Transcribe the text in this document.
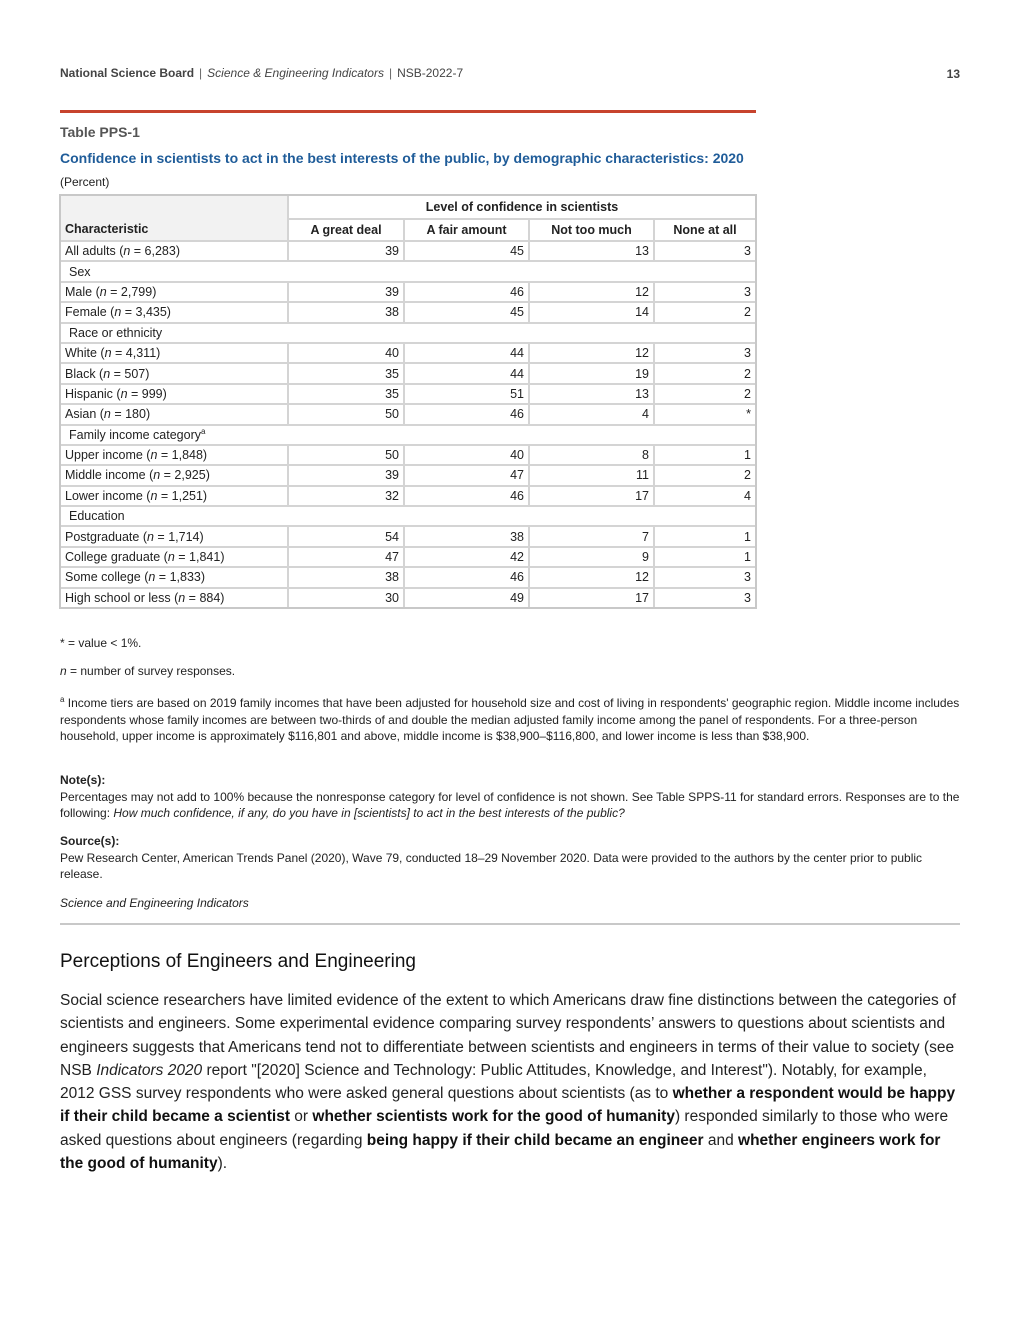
National Science Board | Science & Engineering Indicators | NSB-2022-7	13
Table PPS-1
Confidence in scientists to act in the best interests of the public, by demographic characteristics: 2020
(Percent)
Characteristic	Level of confidence in scientists			
	A great deal	A fair amount	Not too much	None at all
All adults (n = 6,283)	39	45	13	3
Sex				
Male (n = 2,799)	39	46	12	3
Female (n = 3,435)	38	45	14	2
Race or ethnicity				
White (n = 4,311)	40	44	12	3
Black (n = 507)	35	44	19	2
Hispanic (n = 999)	35	51	13	2
Asian (n = 180)	50	46	4	*
Family income category$^a$
Upper income (n = 1,848)	50	40	8	1
Middle income (n = 2,925)	39	47	11	2
Lower income (n = 1,251)	32	46	17	4
Education				
Postgraduate (n = 1,714)	54	38	7	1
College graduate (n = 1,841)	47	42	9	1
Some college (n = 1,833)	38	46	12	3
High school or less (n = 884)	30	49	17	3
* = value < 1%.
n = number of survey responses.
$^a$ Income tiers are based on 2019 family incomes that have been adjusted for household size and cost of living in respondents' geographic region. Middle income includes respondents whose family incomes are between two-thirds of and double the median adjusted family income among the panel of respondents. For a three-person household, upper income is approximately $116,801 and above, middle income is $38,900–$116,800, and lower income is less than $38,900.
Note(s):
Percentages may not add to 100% because the nonresponse category for level of confidence is not shown. See Table SPPS-11 for standard errors. Responses are to the following: How much confidence, if any, do you have in [scientists] to act in the best interests of the public?
Source(s):
Pew Research Center, American Trends Panel (2020), Wave 79, conducted 18–29 November 2020. Data were provided to the authors by the center prior to public release.
Science and Engineering Indicators
Perceptions of Engineers and Engineering
Social science researchers have limited evidence of the extent to which Americans draw fine distinctions between the categories of scientists and engineers. Some experimental evidence comparing survey respondents’ answers to questions about scientists and engineers suggests that Americans tend not to differentiate between scientists and engineers in terms of their value to society (see NSB Indicators 2020 report "[2020] Science and Technology: Public Attitudes, Knowledge, and Interest"). Notably, for example, 2012 GSS survey respondents who were asked general questions about scientists (as to whether a respondent would be happy if their child became a scientist or whether scientists work for the good of humanity) responded similarly to those who were asked questions about engineers (regarding being happy if their child became an engineer and whether engineers work for the good of humanity).
